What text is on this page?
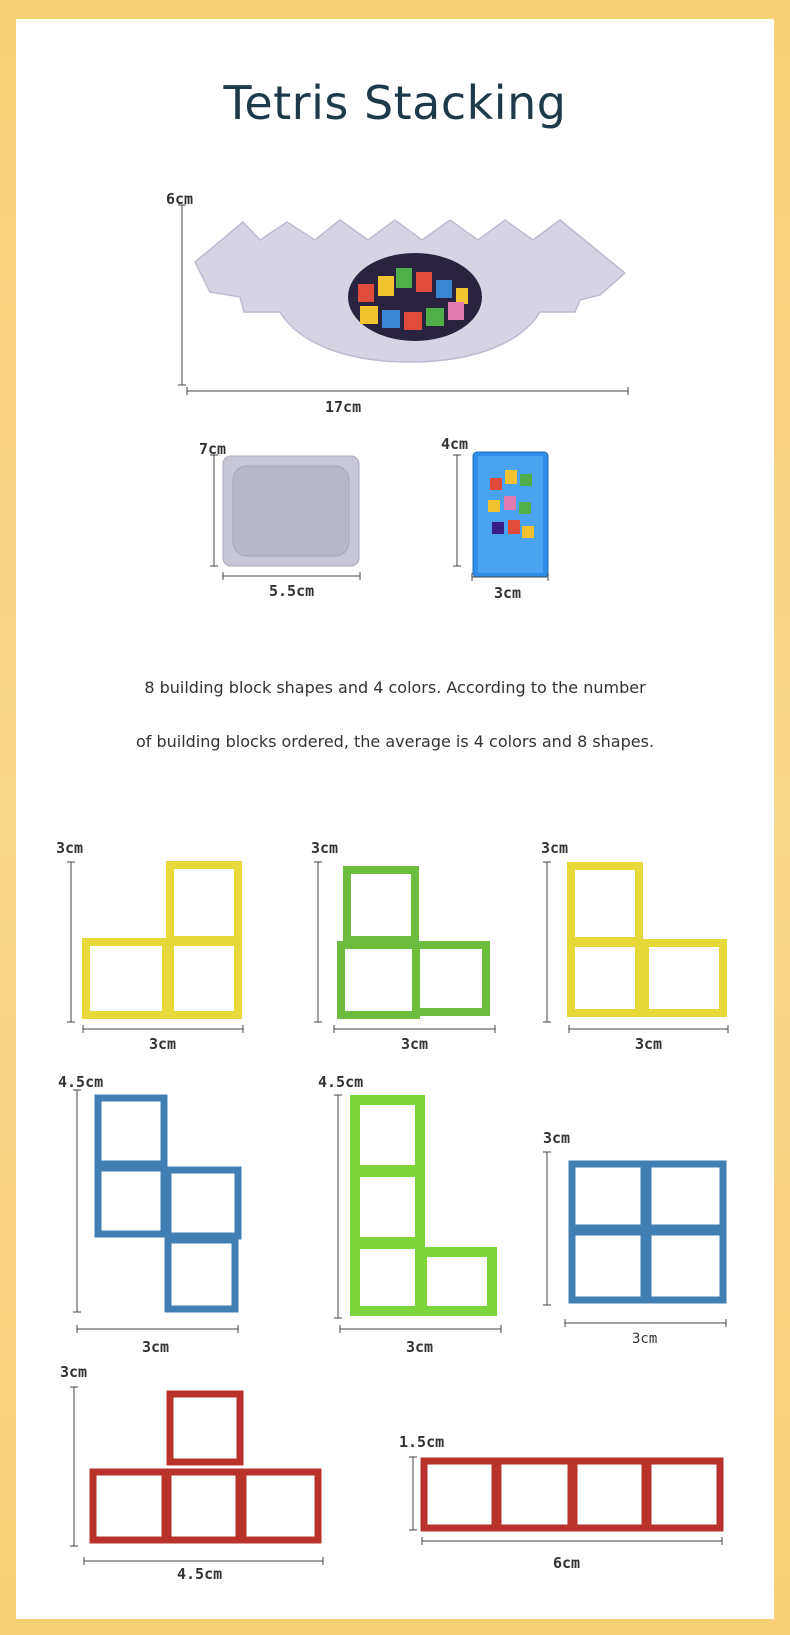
Tetris Stacking
6cm
17cm
7cm
5.5cm
4cm
3cm
8 building block shapes and 4 colors. According to the number
of building blocks ordered, the average is 4 colors and 8 shapes.
3cm
3cm
3cm
3cm
3cm
3cm
4.5cm
3cm
4.5cm
3cm
3cm
3cm
3cm
4.5cm
1.5cm
6cm
